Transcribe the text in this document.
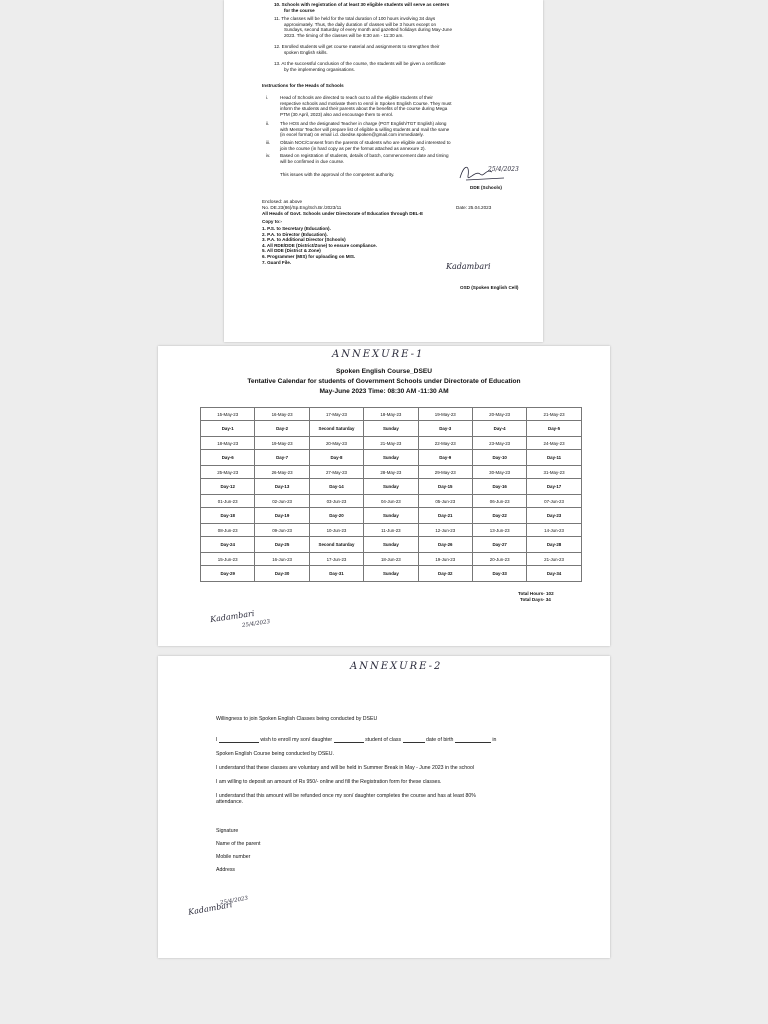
10. Schools with registration of at least 30 eligible students will serve as centers
for the course
11. The classes will be held for the total duration of 100 hours involving 34 days
approximately. Thus, the daily duration of classes will be 3 hours except on
Sundays, second Saturday of every month and gazetted holidays during May-June
2023. The timing of the classes will be 8:30 am - 11:30 am.
12. Enrolled students will get course material and assignments to strengthen their
spoken English skills.
13. At the successful conclusion of the course, the students will be given a certificate
by the implementing organisations.
Instructions for the Heads of Schools
i.	Head of Schools are directed to reach out to all the eligible students of their
respective schools and motivate them to enrol in Spoken English Course. They must
inform the students and their parents about the benefits of the course during Mega
PTM (30 April, 2023) also and encourage them to enrol.
ii. The HOS and the designated Teacher in charge (PGT English/TGT English) along
with Mentor Teacher will prepare list of eligible & willing students and mail the same
(in excel format) on email i.d. doedse.spoken@gmail.com immediately.
iii. Obtain NOC/Consent from the parents of students who are eligible and interested to
join the course (in hard copy as per the format attached as annexure 2).
iv. Based on registration of students, details of batch, commencement date and timing
will be confirmed in due course.
This issues with the approval of the competent authority.
25/4/2023
DDE (Schools)
Enclosed: as above
No. DE.23(86)/Sp.Eng/Sch.Br./2023/11	Date: 25.04.2023
All Heads of Govt. Schools under Directorate of Education through DEL-E
Copy to:-
1. P.S. to Secretary (Education).
2. P.A. to Director (Education).
3. P.A. to Additional Director (Schools)
4. All RDE/DDE (District/Zone) to ensure compliance.
5. All DDE (District & Zone)
6. Programmer (MIS) for uploading on MIS.
7. Guard File.	Kadambari
OSD (Spoken English Cell)
ANNEXURE-1
Spoken English Course_DSEU
Tentative Calendar for students of Government Schools under Directorate of Education
May-June 2023 Time: 08:30 AM -11:30 AM
15-May-23	16-May-23	17-May-23	18-May-23	19-May-23	20-May-23	21-May-23
Day-1	Day-2	Second Saturday	Sunday	Day-3	Day-4	Day-5
18-May-23	19-May-23	20-May-23	21-May-23	22-May-23	23-May-23	24-May-23
Day-6	Day-7	Day-8	Sunday	Day-9	Day-10	Day-11
25-May-23	26-May-23	27-May-23	28-May-23	29-May-23	30-May-23	31-May-23
Day-12	Day-13	Day-14	Sunday	Day-15	Day-16	Day-17
01-Jun-23	02-Jun-23	03-Jun-23	04-Jun-23	05-Jun-23	06-Jun-23	07-Jun-23
Day-18	Day-19	Day-20	Sunday	Day-21	Day-22	Day-23
08-Jun-23	09-Jun-23	10-Jun-23	11-Jun-23	12-Jun-23	13-Jun-23	14-Jun-23
Day-24	Day-25	Second Saturday	Sunday	Day-26	Day-27	Day-28
15-Jun-23	16-Jun-23	17-Jun-23	18-Jun-23	19-Jun-23	20-Jun-23	21-Jun-23
Day-29	Day-30	Day-31	Sunday	Day-32	Day-33	Day-34
Total Hours- 102
Total Days- 34
Kadambari
25/4/2023
ANNEXURE-2
Willingness to join Spoken English Classes being conducted by DSEU
I	wish to enroll my son/ daughter	student of class	date of birth	in
Spoken English Course being conducted by DSEU.
I understand that these classes are voluntary and will be held in Summer Break in May - June 2023 in the school
I am willing to deposit an amount of Rs 950/- online and fill the Registration form for these classes.
I understand that this amount will be refunded once my son/ daughter completes the course and has at least 80%
attendance.
Signature
Name of the parent
Mobile number
Address
Kadambari
25/4/2023
